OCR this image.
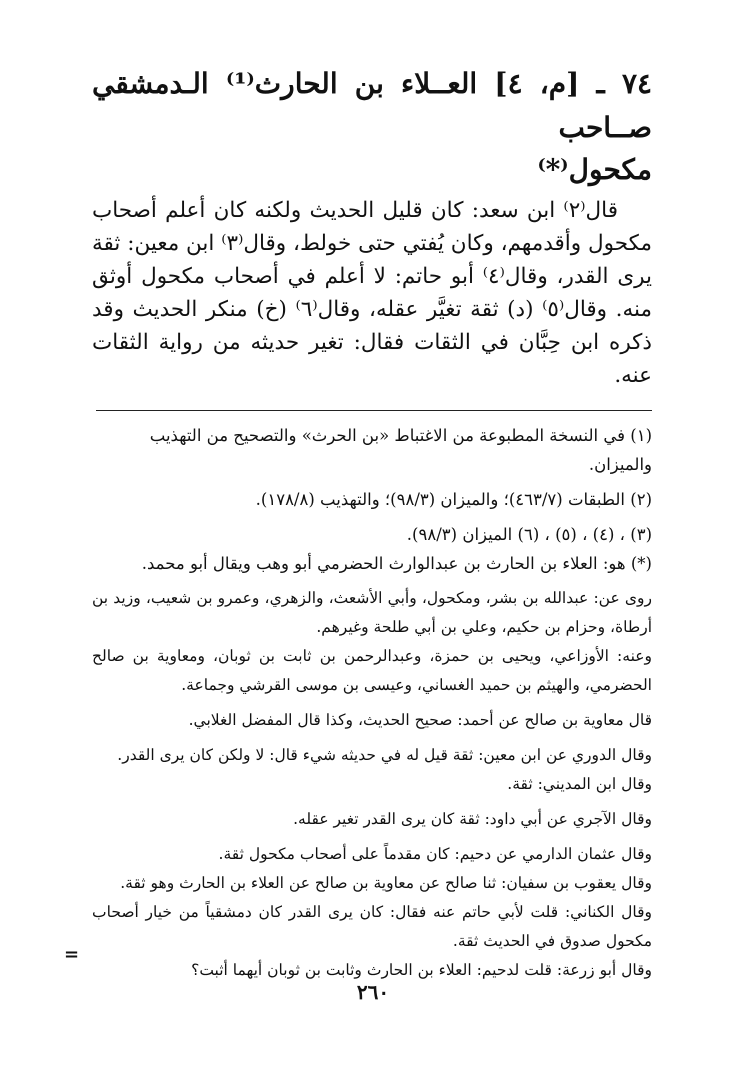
٧٤ ـ [م، ٤] العــلاء بن الحارث⁽¹⁾ الـدمشقي صــاحب
مكحول⁽*⁾

قال⁽٢⁾ ابن سعد: كان قليل الحديث ولكنه كان أعلم أصحاب مكحول وأقدمهم، وكان يُفتي حتى خولط، وقال⁽٣⁾ ابن معين: ثقة يرى القدر، وقال⁽٤⁾ أبو حاتم: لا أعلم في أصحاب مكحول أوثق منه. وقال⁽٥⁾ (د) ثقة تغيَّر عقله، وقال⁽٦⁾ (خ) منكر الحديث وقد ذكره ابن حِبَّان في الثقات فقال: تغير حديثه من رواية الثقات عنه.

(١) في النسخة المطبوعة من الاغتباط «بن الحرث» والتصحيح من التهذيب والميزان.

(٢) الطبقات (٤٦٣/٧)؛ والميزان (٩٨/٣)؛ والتهذيب (١٧٨/٨).

(٣) ، (٤) ، (٥) ، (٦) الميزان (٩٨/٣).

(*) هو: العلاء بن الحارث بن عبدالوارث الحضرمي أبو وهب ويقال أبو محمد.

روى عن: عبدالله بن بشر، ومكحول، وأبي الأشعث، والزهري، وعمرو بن شعيب، وزيد بن أرطاة، وحزام بن حكيم، وعلي بن أبي طلحة وغيرهم.

وعنه: الأوزاعي، ويحيى بن حمزة، وعبدالرحمن بن ثابت بن ثوبان، ومعاوية بن صالح الحضرمي، والهيثم بن حميد الغساني، وعيسى بن موسى القرشي وجماعة.

قال معاوية بن صالح عن أحمد: صحيح الحديث، وكذا قال المفضل الغلابي.

وقال الدوري عن ابن معين: ثقة قيل له في حديثه شيء قال: لا ولكن كان يرى القدر.

وقال ابن المديني: ثقة.

وقال الآجري عن أبي داود: ثقة كان يرى القدر تغير عقله.

وقال عثمان الدارمي عن دحيم: كان مقدماً على أصحاب مكحول ثقة.

وقال يعقوب بن سفيان: ثنا صالح عن معاوية بن صالح عن العلاء بن الحارث وهو ثقة.

وقال الكناني: قلت لأبي حاتم عنه فقال: كان يرى القدر كان دمشقياً من خيار أصحاب مكحول صدوق في الحديث ثقة.

وقال أبو زرعة: قلت لدحيم: العلاء بن الحارث وثابت بن ثوبان أيهما أثبت؟

=
٢٦٠
